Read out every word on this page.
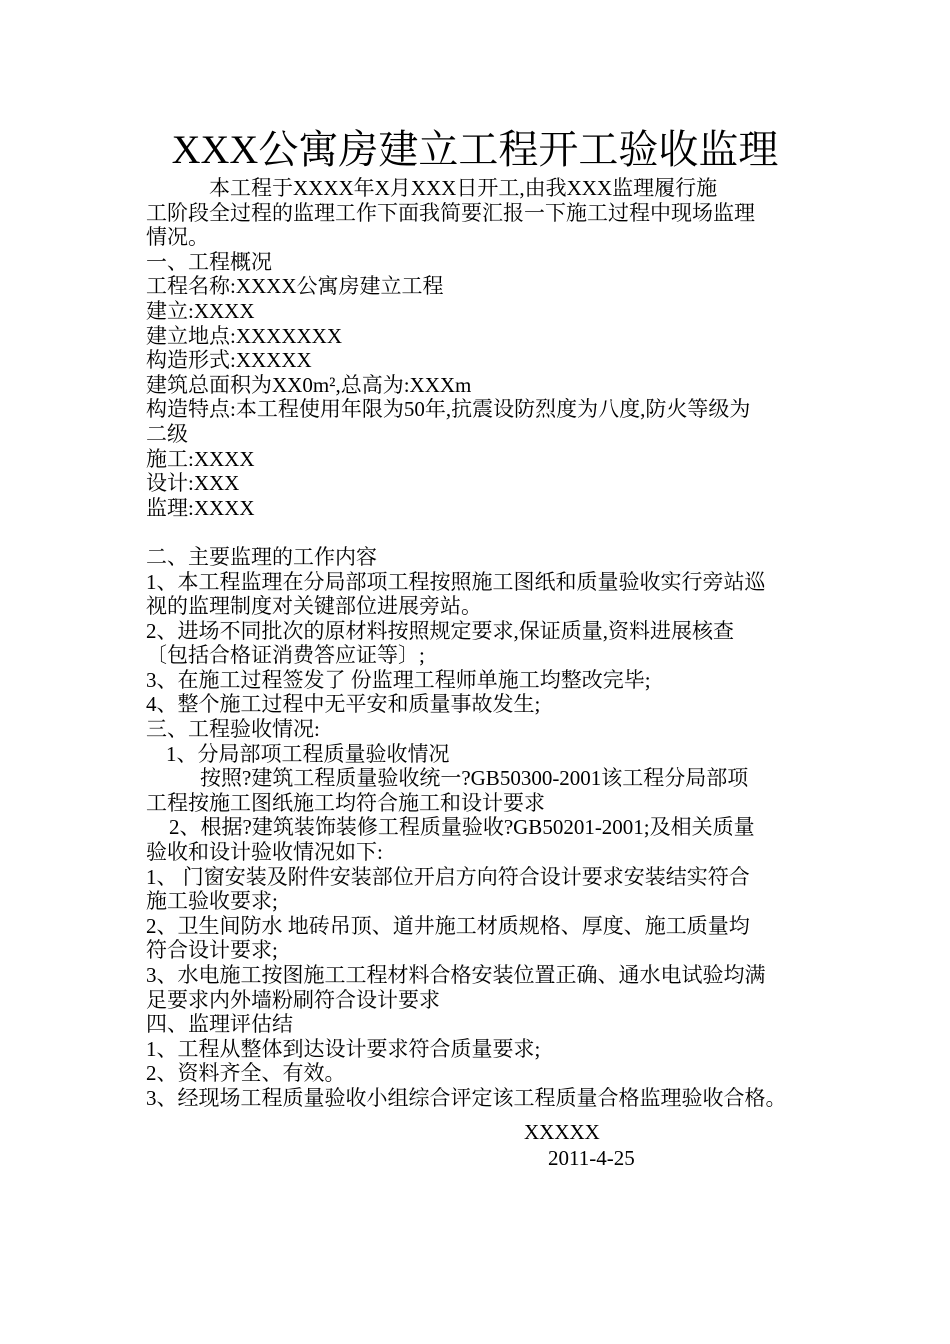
XXX公寓房建立工程开工验收监理
本工程于XXXX年X月XXX日开工,由我XXX监理履行施
工阶段全过程的监理工作下面我简要汇报一下施工过程中现场监理
情况。
一、工程概况
工程名称:XXXX公寓房建立工程
建立:XXXX
建立地点:XXXXXXX
构造形式:XXXXX
建筑总面积为XX0m²,总高为:XXXm
构造特点:本工程使用年限为50年,抗震设防烈度为八度,防火等级为
二级
施工:XXXX
设计:XXX
监理:XXXX
二、主要监理的工作内容
1、本工程监理在分局部项工程按照施工图纸和质量验收实行旁站巡
视的监理制度对关键部位进展旁站。
2、进场不同批次的原材料按照规定要求,保证质量,资料进展核查
〔包括合格证消费答应证等〕;
3、在施工过程签发了 份监理工程师单施工均整改完毕;
4、整个施工过程中无平安和质量事故发生;
三、工程验收情况:
1、分局部项工程质量验收情况
按照?建筑工程质量验收统一?GB50300-2001该工程分局部项
工程按施工图纸施工均符合施工和设计要求
2、根据?建筑装饰装修工程质量验收?GB50201-2001;及相关质量
验收和设计验收情况如下:
1、 门窗安装及附件安装部位开启方向符合设计要求安装结实符合
施工验收要求;
2、卫生间防水 地砖吊顶、道井施工材质规格、厚度、施工质量均
符合设计要求;
3、水电施工按图施工工程材料合格安装位置正确、通水电试验均满
足要求内外墙粉刷符合设计要求
四、监理评估结
1、工程从整体到达设计要求符合质量要求;
2、资料齐全、有效。
3、经现场工程质量验收小组综合评定该工程质量合格监理验收合格。
XXXXX
2011-4-25
